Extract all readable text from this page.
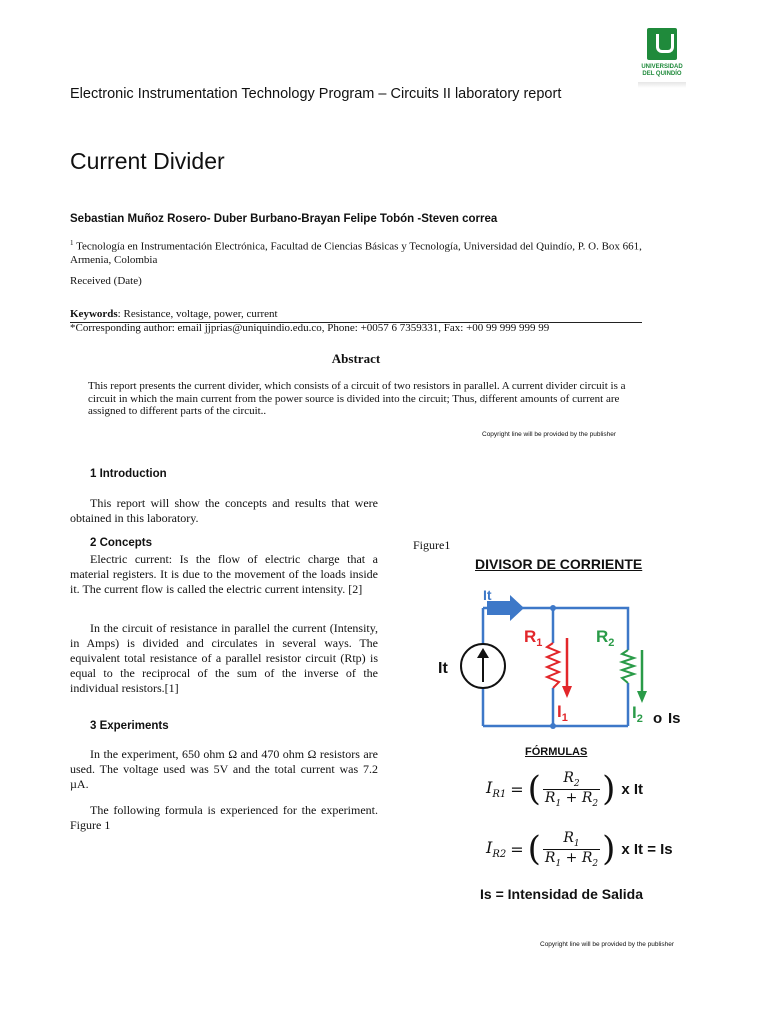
UNIVERSIDAD DEL QUINDÍO
Electronic Instrumentation Technology Program – Circuits II laboratory report
Current Divider
Sebastian Muñoz Rosero- Duber Burbano-Brayan Felipe Tobón -Steven correa
$^1$ Tecnología en Instrumentación Electrónica, Facultad de Ciencias Básicas y Tecnología, Universidad del Quindío, P. O. Box 661, Armenia, Colombia
Received (Date)
Keywords: Resistance, voltage, power, current
*Corresponding author: email jjprias@uniquindio.edu.co, Phone: +0057 6 7359331, Fax: +00 99 999 999 99
Abstract
This report presents the current divider, which consists of a circuit of two resistors in parallel. A current divider circuit is a circuit in which the main current from the power source is divided into the circuit; Thus, different amounts of current are assigned to different parts of the circuit..
Copyright line will be provided by the publisher
1 Introduction
This report will show the concepts and results that were obtained in this laboratory.
2 Concepts
Electric current: Is the flow of electric charge that a material registers. It is due to the movement of the loads inside it. The current flow is called the electric current intensity. [2]
In the circuit of resistance in parallel the current (Intensity, in Amps) is divided and circulates in several ways. The equivalent total resistance of a parallel resistor circuit (Rtp) is equal to the reciprocal of the sum of the inverse of the individual resistors.[1]
3 Experiments
In the experiment, 650 ohm Ω and 470 ohm Ω resistors are used. The voltage used was 5V and the total current was 7.2 µA.
The following formula is experienced for the experiment. Figure 1
Figure1
DIVISOR DE CORRIENTE
It
It
$R_1$	$R_2$
$I_1$	$I_2$ o Is
FÓRMULAS
$I_{R1}$ = ( $\frac{R_2}{R_1 + R_2}$ ) x It
$I_{R2}$ = ( $\frac{R_1}{R_1 + R_2}$ ) x It = Is
Is = Intensidad de Salida
Copyright line will be provided by the publisher
